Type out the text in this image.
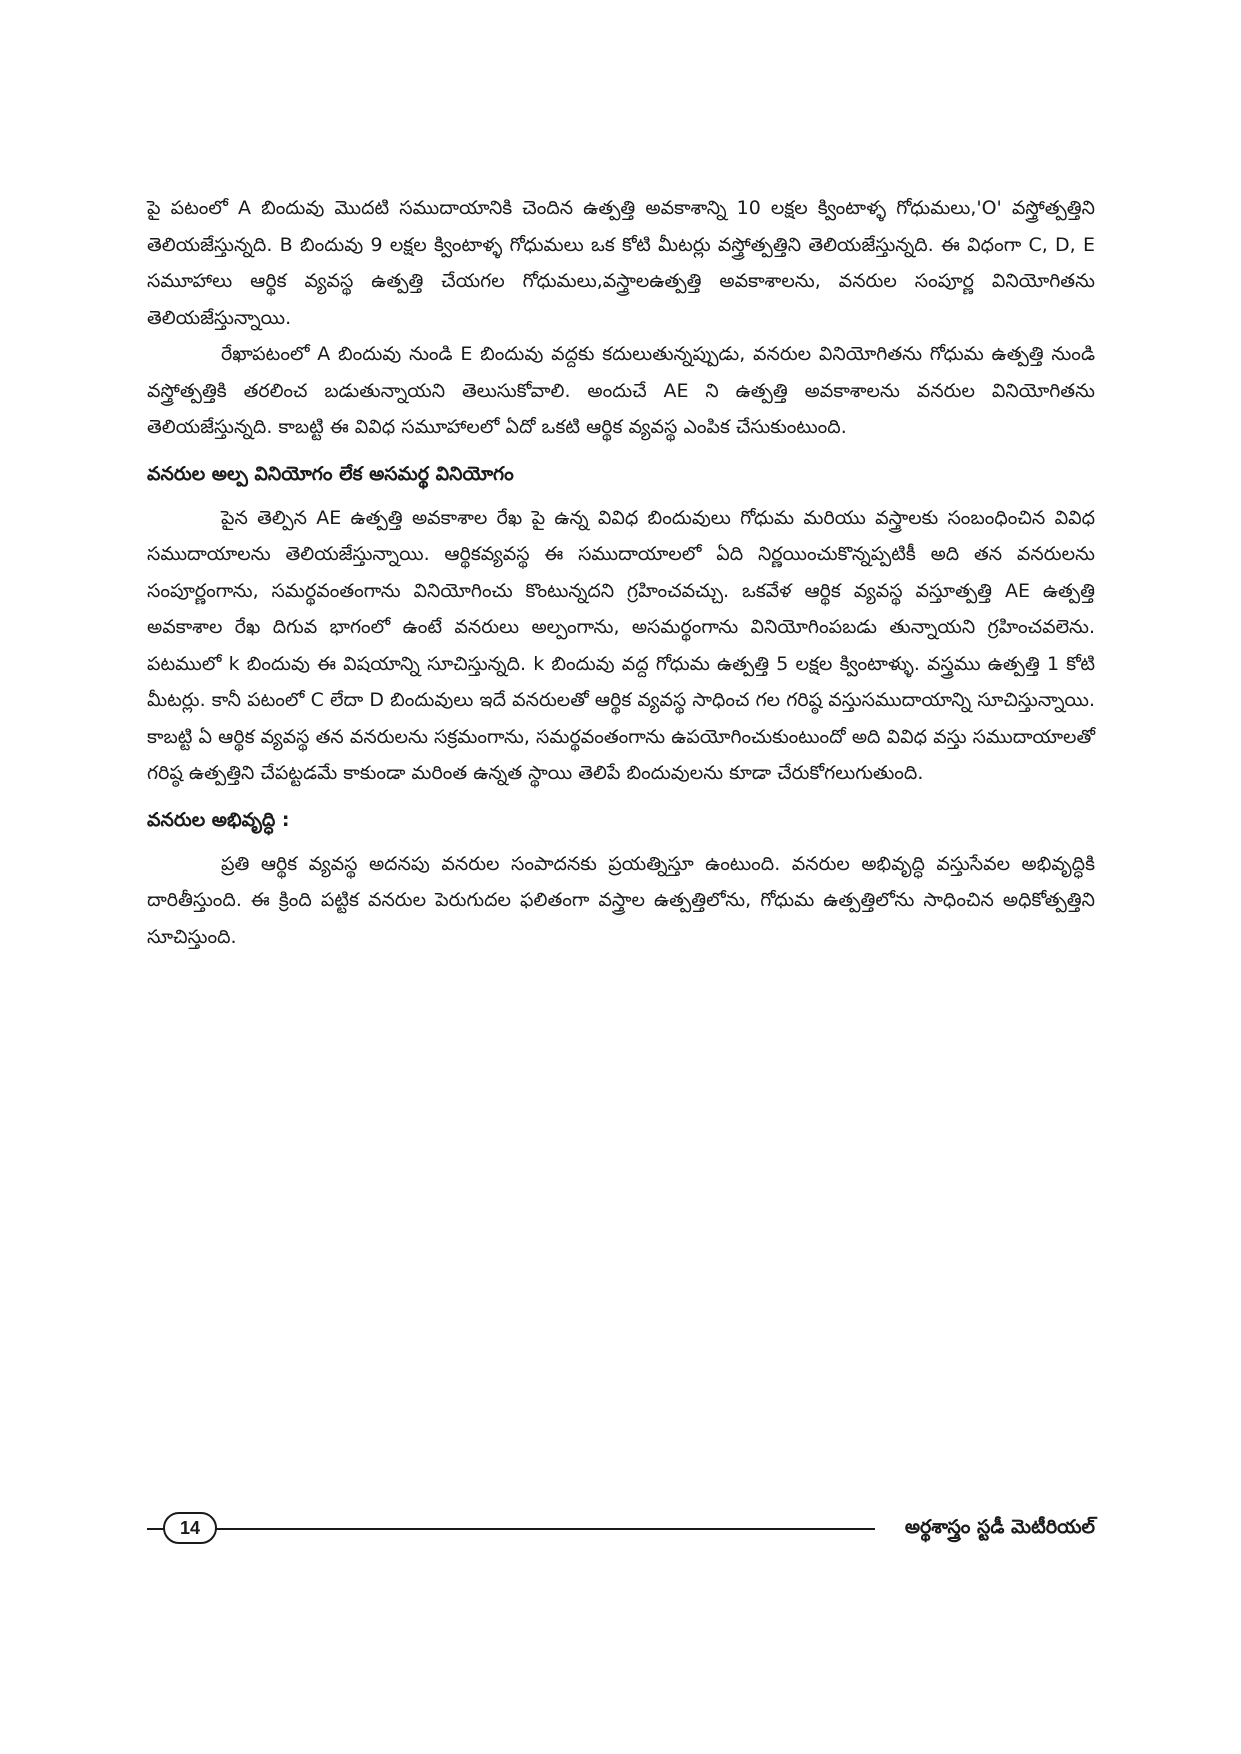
పై పటంలో A బిందువు మొదటి సముదాయానికి చెందిన ఉత్పత్తి అవకాశాన్ని 10 లక్షల క్వింటాళ్ళ గోధుమలు,'O' వస్త్రోత్పత్తిని తెలియజేస్తున్నది. B బిందువు 9 లక్షల క్వింటాళ్ళ గోధుమలు ఒక కోటి మీటర్లు వస్త్రోత్పత్తిని తెలియజేస్తున్నది. ఈ విధంగా C, D, E సమూహాలు ఆర్థిక వ్యవస్థ ఉత్పత్తి చేయగల గోధుమలు,వస్త్రాలఉత్పత్తి అవకాశాలను, వనరుల సంపూర్ణ వినియోగితను తెలియజేస్తున్నాయి.

రేఖాపటంలో A బిందువు నుండి E బిందువు వద్దకు కదులుతున్నప్పుడు, వనరుల వినియోగితను గోధుమ ఉత్పత్తి నుండి వస్త్రోత్పత్తికి తరలించ బడుతున్నాయని తెలుసుకోవాలి. అందుచే AE ని ఉత్పత్తి అవకాశాలను వనరుల వినియోగితను తెలియజేస్తున్నది. కాబట్టి ఈ వివిధ సమూహాలలో ఏదో ఒకటి ఆర్థిక వ్యవస్థ ఎంపిక చేసుకుంటుంది.

వనరుల అల్ప వినియోగం లేక అసమర్థ వినియోగం

పైన తెల్పిన AE ఉత్పత్తి అవకాశాల రేఖ పై ఉన్న వివిధ బిందువులు గోధుమ మరియు వస్త్రాలకు సంబంధించిన వివిధ సముదాయాలను తెలియజేస్తున్నాయి. ఆర్థికవ్యవస్థ ఈ సముదాయాలలో ఏది నిర్ణయించుకొన్నప్పటికీ అది తన వనరులను సంపూర్ణంగాను, సమర్థవంతంగాను వినియోగించు కొంటున్నదని గ్రహించవచ్చు. ఒకవేళ ఆర్థిక వ్యవస్థ వస్తూత్పత్తి AE ఉత్పత్తి అవకాశాల రేఖ దిగువ భాగంలో ఉంటే వనరులు అల్పంగాను, అసమర్థంగాను వినియోగింపబడు తున్నాయని గ్రహించవలెను. పటములో k బిందువు ఈ విషయాన్ని సూచిస్తున్నది. k బిందువు వద్ద గోధుమ ఉత్పత్తి 5 లక్షల క్వింటాళ్ళు. వస్త్రము ఉత్పత్తి 1 కోటి మీటర్లు. కానీ పటంలో C లేదా D బిందువులు ఇదే వనరులతో ఆర్థిక వ్యవస్థ సాధించ గల గరిష్ఠ వస్తుసముదాయాన్ని సూచిస్తున్నాయి. కాబట్టి ఏ ఆర్థిక వ్యవస్థ తన వనరులను సక్రమంగాను, సమర్థవంతంగాను ఉపయోగించుకుంటుందో అది వివిధ వస్తు సముదాయాలతో గరిష్ఠ ఉత్పత్తిని చేపట్టడమే కాకుండా మరింత ఉన్నత స్థాయి తెలిపే బిందువులను కూడా చేరుకోగలుగుతుంది.

వనరుల అభివృద్ధి :

ప్రతి ఆర్థిక వ్యవస్థ అదనపు వనరుల సంపాదనకు ప్రయత్నిస్తూ ఉంటుంది. వనరుల అభివృద్ధి వస్తుసేవల అభివృద్ధికి దారితీస్తుంది. ఈ క్రింది పట్టిక వనరుల పెరుగుదల ఫలితంగా వస్త్రాల ఉత్పత్తిలోను, గోధుమ ఉత్పత్తిలోను సాధించిన అధికోత్పత్తిని సూచిస్తుంది.

14	అర్థశాస్త్రం స్టడీ మెటీరియల్
